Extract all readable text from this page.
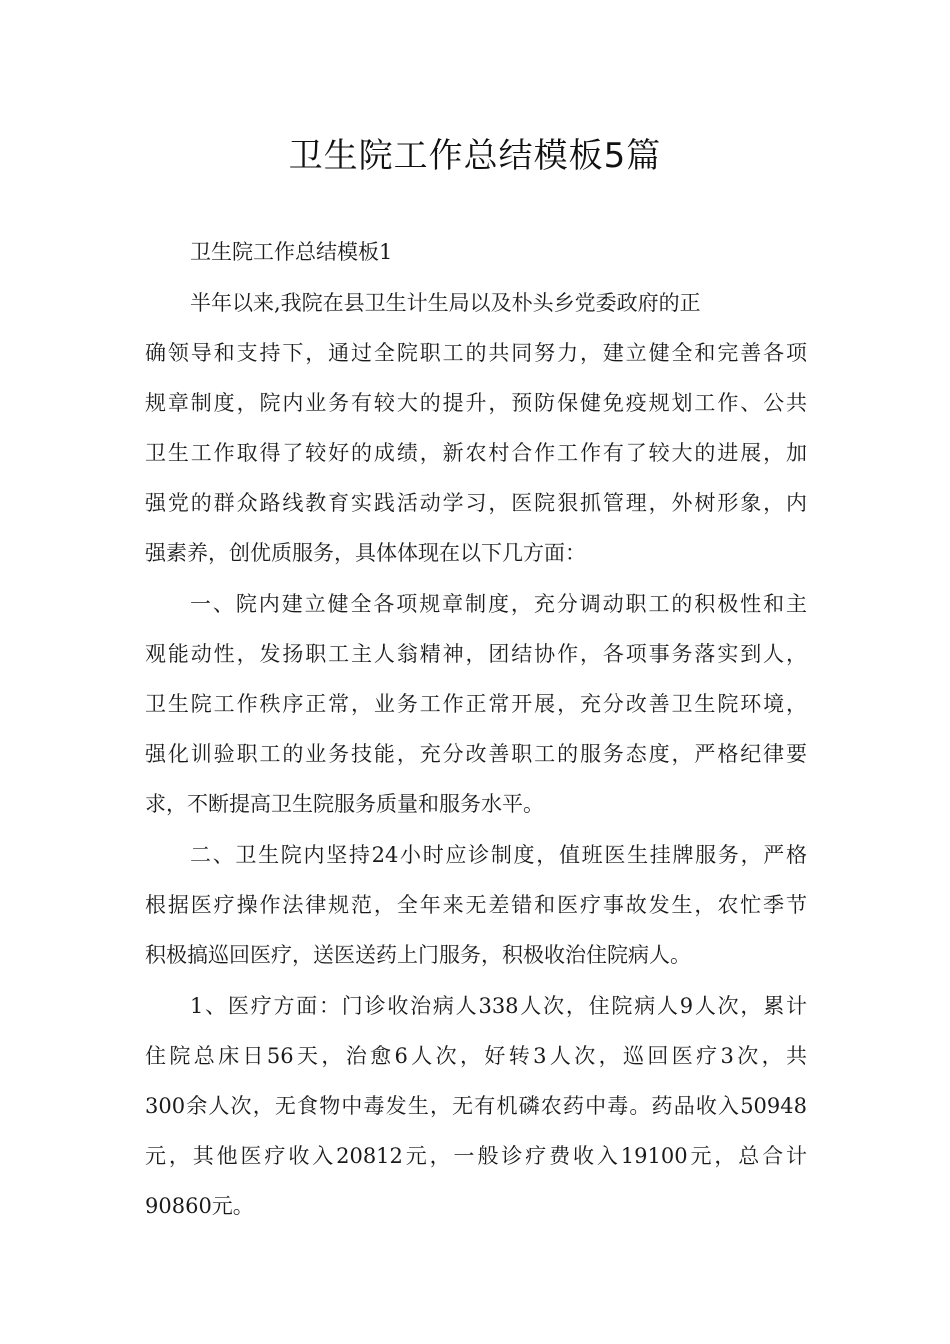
卫生院工作总结模板5篇
卫生院工作总结模板1
半年以来,我院在县卫生计生局以及朴头乡党委政府的正
确领导和支持下，通过全院职工的共同努力，建立健全和完善各项
规章制度，院内业务有较大的提升，预防保健免疫规划工作、公共
卫生工作取得了较好的成绩，新农村合作工作有了较大的进展，加
强党的群众路线教育实践活动学习，医院狠抓管理，外树形象，内
强素养，创优质服务，具体体现在以下几方面：
一、院内建立健全各项规章制度，充分调动职工的积极性和主
观能动性，发扬职工主人翁精神，团结协作，各项事务落实到人，
卫生院工作秩序正常，业务工作正常开展，充分改善卫生院环境，
强化训验职工的业务技能，充分改善职工的服务态度，严格纪律要
求，不断提高卫生院服务质量和服务水平。
二、卫生院内坚持24小时应诊制度，值班医生挂牌服务，严格
根据医疗操作法律规范，全年来无差错和医疗事故发生，农忙季节
积极搞巡回医疗，送医送药上门服务，积极收治住院病人。
1、医疗方面：门诊收治病人338人次，住院病人9人次，累计
住院总床日56天，治愈6人次，好转3人次，巡回医疗3次，共
300余人次，无食物中毒发生，无有机磷农药中毒。药品收入50948
元，其他医疗收入20812元，一般诊疗费收入19100元，总合计
90860元。
